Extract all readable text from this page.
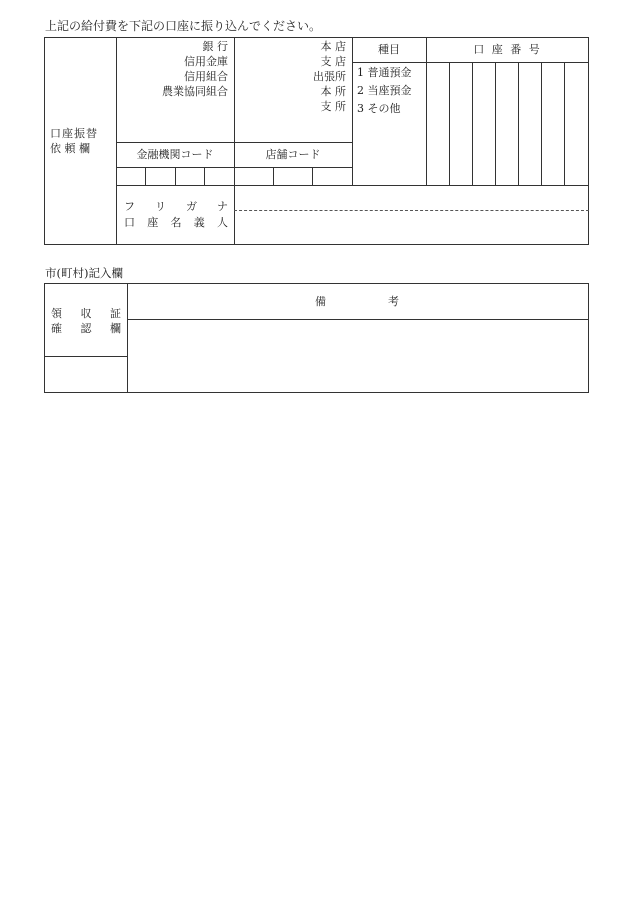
上記の給付費を下記の口座に振り込んでください。
口座振替
依 頼 欄
銀 行
信用金庫
信用組合
農業協同組合
本 店
支 店
出張所
本 所
支 所
種目
1 普通預金
2 当座預金
3 その他
口 座 番 号
金融機関コード	店舗コード
フ リ ガ ナ
口 座 名 義 人
市(町村)記入欄
領 収 証
確 認 欄
備 考
